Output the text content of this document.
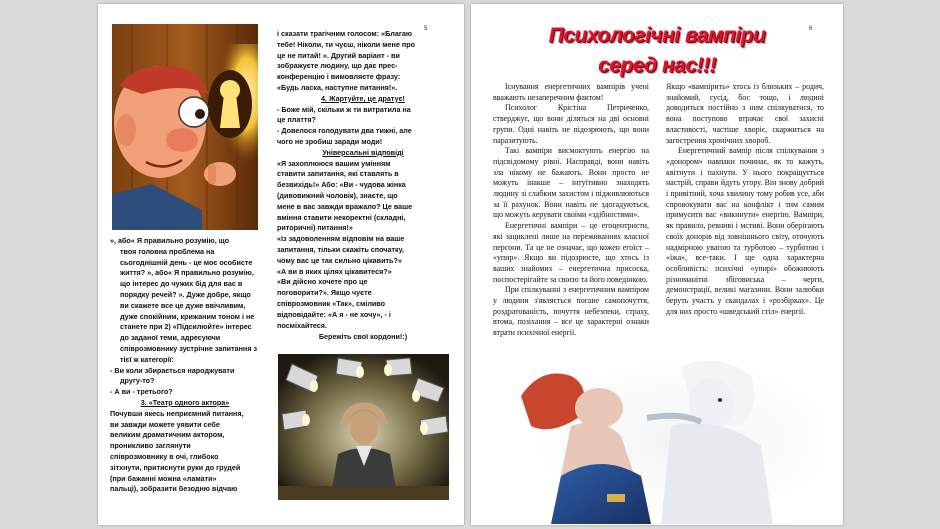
5
», або« Я правильно розумію, що
твоя головна проблема на
сьогоднішній день - це моє особисте
життя? », або« Я правильно розумію,
що інтерес до чужих бід для вас в
порядку речей? ». Дуже добре, якщо
ви скажете все це дуже ввічливим,
дуже спокійним, крижаним тоном і не
станете при 2) «Підсилюйте» інтерес
до заданої теми, адресуючи
співрозмовнику зустрічне запитання з
тієї ж категорії:
- Ви коли збирається народжувати
другу-то?
- А ви - третього?
3. «Театр одного актора»
Почувши якесь неприємний питання,
ви завжди можете уявити себе
великим драматичним актором,
проникливо заглянути
співрозмовнику в очі, глибоко
зітхнути, притиснути руки до грудей
(при бажанні можна «ламати»
пальці), зобразити безодню відчаю
і сказати трагічним голосом: «Благаю
тебе! Ніколи, ти чуєш, ніколи мене про
це не питай! ». Другий варіант - ви
зображуєте людину, що дає прес-
конференцію і вимовляєте фразу:
«Будь ласка, наступне питання!».
4. Жартуйте, це дратує!
- Боже мій, скільки ж ти витратила на
це плаття?
- Довелося голодувати два тижні, але
чого не зробиш заради моди!
Універсальні відповіді
«Я захоплююся вашим умінням
ставити запитання, які ставлять в
безвихідь!» Або: «Ви - чудова жінка
(дивовижний чоловік), знаєте, що
мене в вас завжди вражало? Це ваше
вміння ставити некоректні (складні,
риторичні) питання!»
«Із задоволенням відповім на ваше
запитання, тільки скажіть спочатку,
чому вас це так сильно цікавить?»
«А ви в яких цілях цікавитеся?»
«Ви дійсно хочете про це
поговорити?». Якщо чуєте
співрозмовник «Так», сміливо
відповідайте: «А я - не хочу», - і
посміхайтеся.
Бережіть свої кордони!:)
6
Психологічні вампіри
серед нас!!!

Існування енергетичних вампірів ученi вважають незаперечним фактом!

Психолог Крістіна Петриченко, стверджує, що вони діляться на дві основні групи. Одні навіть не підозрюють, що вони паразитують.

Такі вампіри висмоктують енергію на підсвідомому рівні. Насправді, вони навіть зла нікому не бажають. Вони просто не можуть інакше – інтуїтивно знаходять людину зі слабким захистом і підживлюються за її рахунок. Вони навіть не здогадуються, що можуть керувати своїми «здібностями».

Енергетичні вампіри – це егоцентристи, які зациклені лише на переживаннях власної персони. Та це не означає, що кожен егоїст – «упир». Якщо ви підозрюєте, що хтось із ваших знайомих – енергетична присоска, поспостерігайте за своєю та його поведінкою.

При спілкуванні з енергетичним вампіром у людини з'являється погане самопочуття, роздратованість, почуття небезпеки, страху, втома, позіхання – все це характерні ознаки втрати психічної енергії.

Якщо «вампірить» хтось із близьких – родич, знайомий, сусід, бос тощо, і людині доводиться постійно з ним спілкуватися, то вона поступово втрачає свої захисні властивості, частіше хворіє, скаржиться на загострення хронічних хвороб.

Енергетичний вампір після спілкування з «донором» навпаки починає, як то кажуть, квітнути і пахнути. У нього покращується настрій, справи йдуть угору. Він знову добрий і привітний, хоча хвилину тому робив усе, аби спровокувати вас на конфлікт і тим самим примусити вас «викинути» енергію. Вампіри, як правило, ревниві і мстиві. Вони оберігають своїх донорів від зовнішнього світу, оточують надмірною увагою та турботою – турботою і «їжа», все-таки. І ще одна характерна особливість: психічні «упирі» обожнюють різноманітні збіговиська – черги, демонстрації, великі магазини. Вони залюбки беруть участь у скандалах і «розбірках». Це для них просто «шведський стіл» енергії.
